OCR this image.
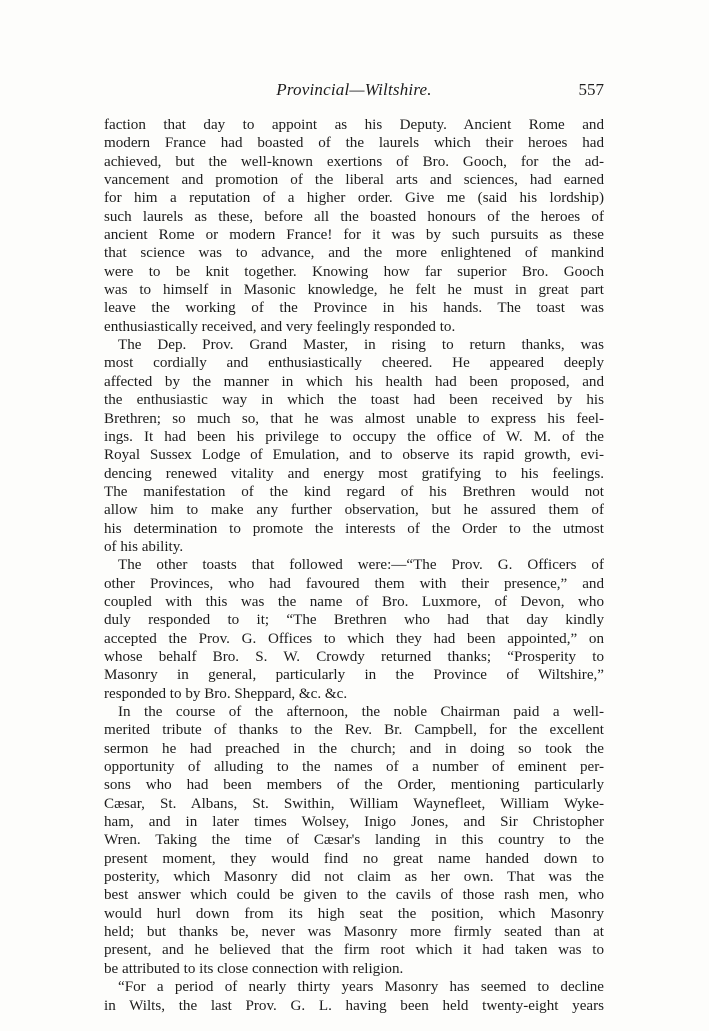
Provincial—Wiltshire.	557
faction that day to appoint as his Deputy. Ancient Rome and
modern France had boasted of the laurels which their heroes had
achieved, but the well-known exertions of Bro. Gooch, for the ad-
vancement and promotion of the liberal arts and sciences, had earned
for him a reputation of a higher order. Give me (said his lordship)
such laurels as these, before all the boasted honours of the heroes of
ancient Rome or modern France! for it was by such pursuits as these
that science was to advance, and the more enlightened of mankind
were to be knit together. Knowing how far superior Bro. Gooch
was to himself in Masonic knowledge, he felt he must in great part
leave the working of the Province in his hands. The toast was
enthusiastically received, and very feelingly responded to.
The Dep. Prov. Grand Master, in rising to return thanks, was
most cordially and enthusiastically cheered. He appeared deeply
affected by the manner in which his health had been proposed, and
the enthusiastic way in which the toast had been received by his
Brethren; so much so, that he was almost unable to express his feel-
ings. It had been his privilege to occupy the office of W. M. of the
Royal Sussex Lodge of Emulation, and to observe its rapid growth, evi-
dencing renewed vitality and energy most gratifying to his feelings.
The manifestation of the kind regard of his Brethren would not
allow him to make any further observation, but he assured them of
his determination to promote the interests of the Order to the utmost
of his ability.
The other toasts that followed were:—“The Prov. G. Officers of
other Provinces, who had favoured them with their presence,” and
coupled with this was the name of Bro. Luxmore, of Devon, who
duly responded to it; “The Brethren who had that day kindly
accepted the Prov. G. Offices to which they had been appointed,” on
whose behalf Bro. S. W. Crowdy returned thanks; “Prosperity to
Masonry in general, particularly in the Province of Wiltshire,”
responded to by Bro. Sheppard, &c. &c.
In the course of the afternoon, the noble Chairman paid a well-
merited tribute of thanks to the Rev. Br. Campbell, for the excellent
sermon he had preached in the church; and in doing so took the
opportunity of alluding to the names of a number of eminent per-
sons who had been members of the Order, mentioning particularly
Cæsar, St. Albans, St. Swithin, William Waynefleet, William Wyke-
ham, and in later times Wolsey, Inigo Jones, and Sir Christopher
Wren. Taking the time of Cæsar's landing in this country to the
present moment, they would find no great name handed down to
posterity, which Masonry did not claim as her own. That was the
best answer which could be given to the cavils of those rash men, who
would hurl down from its high seat the position, which Masonry
held; but thanks be, never was Masonry more firmly seated than at
present, and he believed that the firm root which it had taken was to
be attributed to its close connection with religion.
“For a period of nearly thirty years Masonry has seemed to decline
in Wilts, the last Prov. G. L. having been held twenty-eight years
